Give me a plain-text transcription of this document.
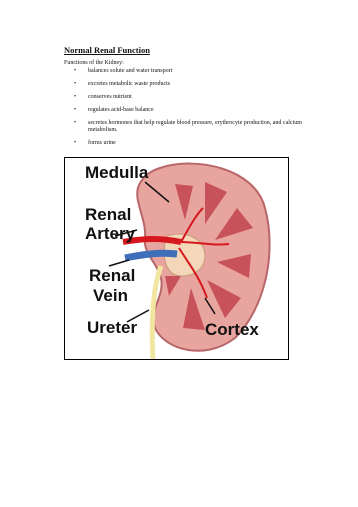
Normal Renal Function

Functions of the Kidney:

• balances solute and water transport
• excretes metabolic waste products
• conserves nutrient
• regulates acid-base balance
• secretes hormones that help regulate blood pressure, erythrocyte production, and calcium metabolism.
• forms urine
Medulla
Renal
Artery
Renal
Vein
Ureter	Cortex
